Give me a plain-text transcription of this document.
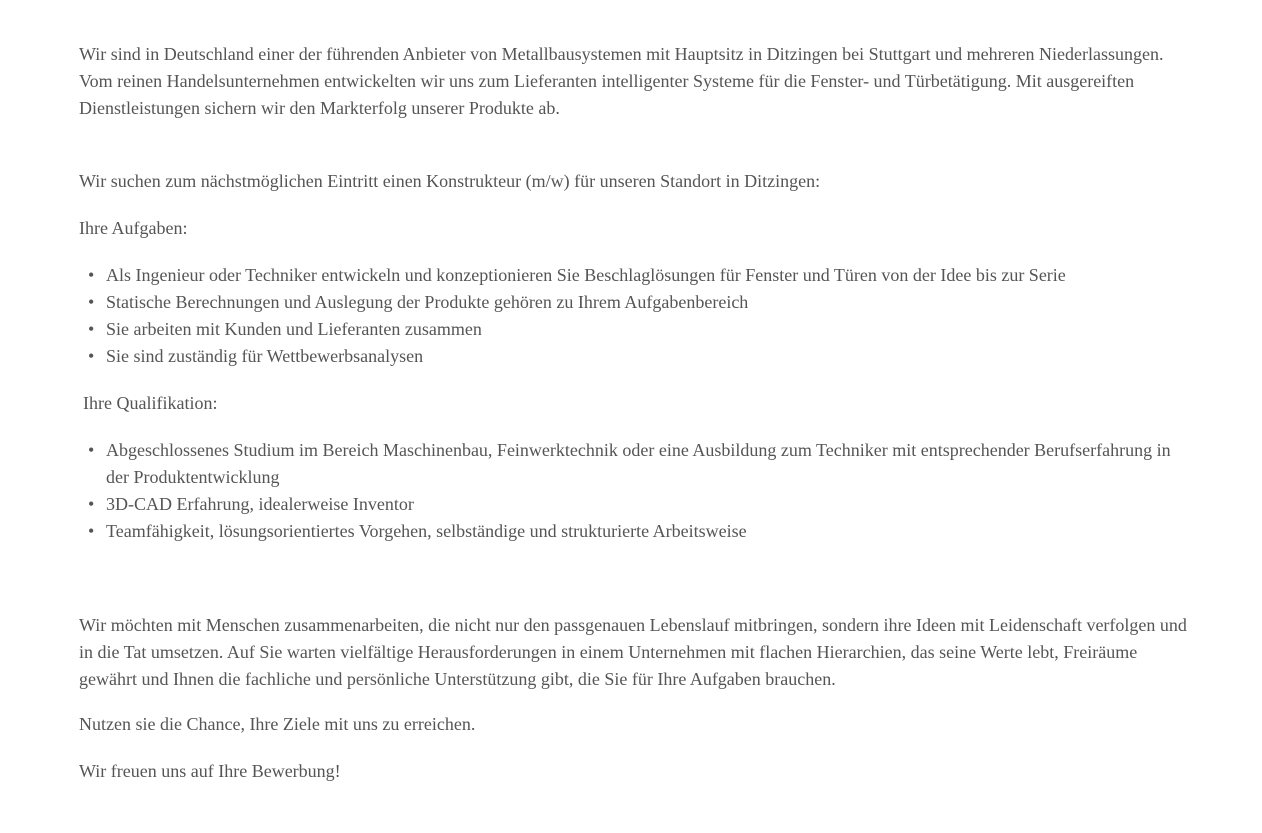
Wir sind in Deutschland einer der führenden Anbieter von Metallbausystemen mit Hauptsitz in Ditzingen bei Stuttgart und mehreren Niederlassungen. Vom reinen Handelsunternehmen entwickelten wir uns zum Lieferanten intelligenter Systeme für die Fenster- und Türbetätigung. Mit ausgereiften Dienstleistungen sichern wir den Markterfolg unserer Produkte ab.

Wir suchen zum nächstmöglichen Eintritt einen Konstrukteur (m/w) für unseren Standort in Ditzingen:

Ihre Aufgaben:

• Als Ingenieur oder Techniker entwickeln und konzeptionieren Sie Beschlaglösungen für Fenster und Türen von der Idee bis zur Serie
• Statische Berechnungen und Auslegung der Produkte gehören zu Ihrem Aufgabenbereich
• Sie arbeiten mit Kunden und Lieferanten zusammen
• Sie sind zuständig für Wettbewerbsanalysen

Ihre Qualifikation:

• Abgeschlossenes Studium im Bereich Maschinenbau, Feinwerktechnik oder eine Ausbildung zum Techniker mit entsprechender Berufserfahrung in der Produktentwicklung
• 3D-CAD Erfahrung, idealerweise Inventor
• Teamfähigkeit, lösungsorientiertes Vorgehen, selbständige und strukturierte Arbeitsweise

Wir möchten mit Menschen zusammenarbeiten, die nicht nur den passgenauen Lebenslauf mitbringen, sondern ihre Ideen mit Leidenschaft verfolgen und in die Tat umsetzen. Auf Sie warten vielfältige Herausforderungen in einem Unternehmen mit flachen Hierarchien, das seine Werte lebt, Freiräume gewährt und Ihnen die fachliche und persönliche Unterstützung gibt, die Sie für Ihre Aufgaben brauchen.

Nutzen sie die Chance, Ihre Ziele mit uns zu erreichen.

Wir freuen uns auf Ihre Bewerbung!
